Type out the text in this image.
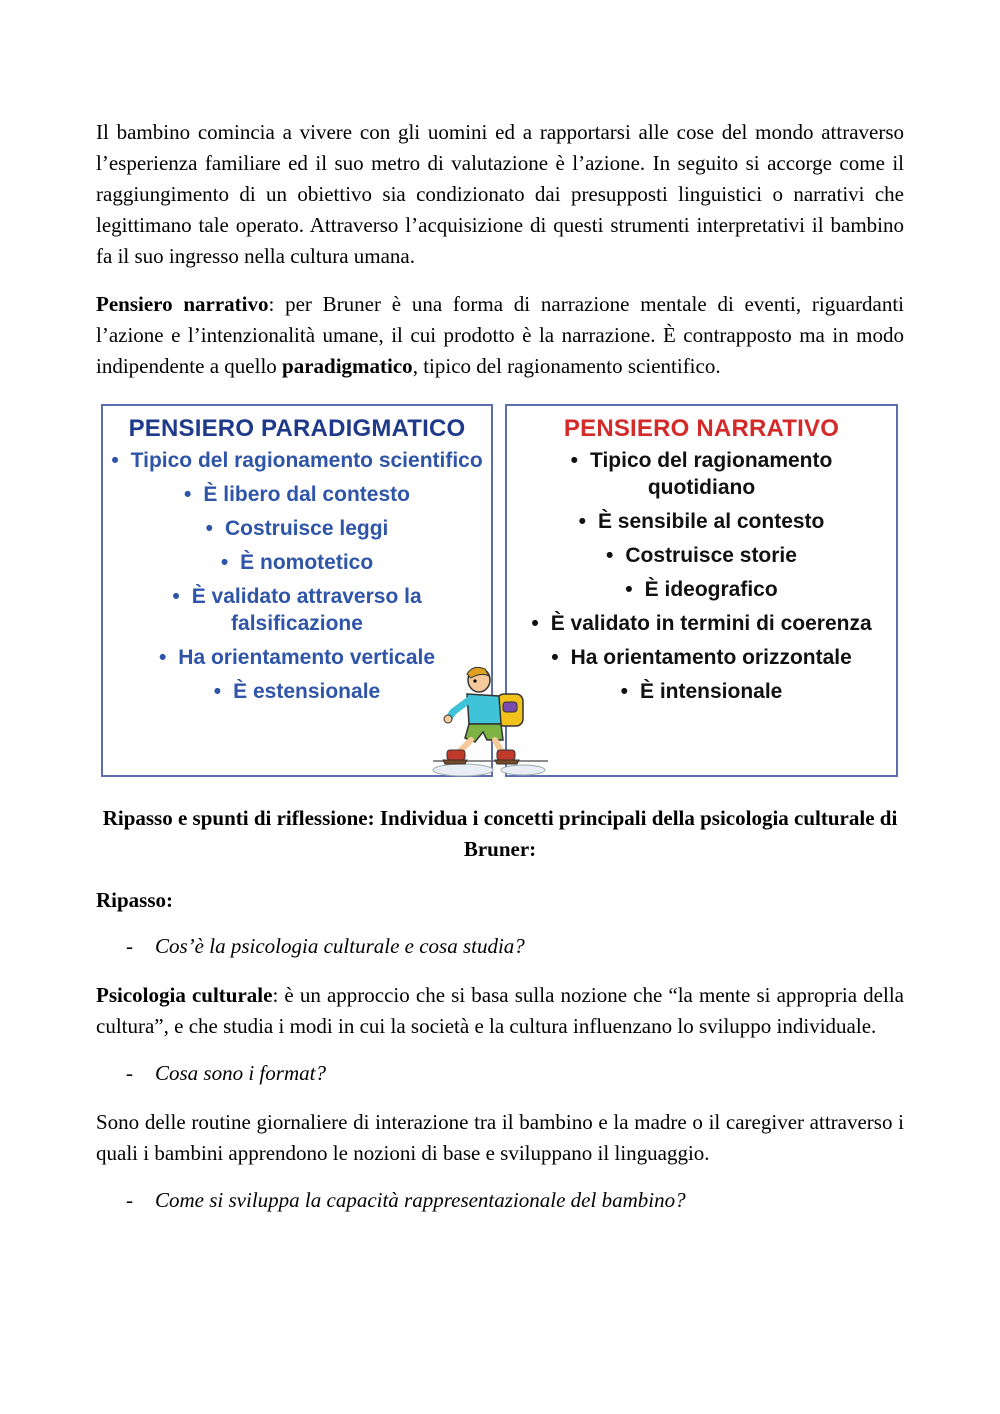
Il bambino comincia a vivere con gli uomini ed a rapportarsi alle cose del mondo attraverso l’esperienza familiare ed il suo metro di valutazione è l’azione. In seguito si accorge come il raggiungimento di un obiettivo sia condizionato dai presupposti linguistici o narrativi che legittimano tale operato. Attraverso l’acquisizione di questi strumenti interpretativi il bambino fa il suo ingresso nella cultura umana.

Pensiero narrativo: per Bruner è una forma di narrazione mentale di eventi, riguardanti l’azione e l’intenzionalità umane, il cui prodotto è la narrazione. È contrapposto ma in modo indipendente a quello paradigmatico, tipico del ragionamento scientifico.

PENSIERO PARADIGMATICO
• Tipico del ragionamento scientifico
• È libero dal contesto
• Costruisce leggi
• È nomotetico
• È validato attraverso la falsificazione
• Ha orientamento verticale
• È estensionale
PENSIERO NARRATIVO
• Tipico del ragionamento quotidiano
• È sensibile al contesto
• Costruisce storie
• È ideografico
• È validato in termini di coerenza
• Ha orientamento orizzontale
• È intensionale
Ripasso e spunti di riflessione: Individua i concetti principali della psicologia culturale di Bruner:
Ripasso:
- Cos’è la psicologia culturale e cosa studia?

Psicologia culturale: è un approccio che si basa sulla nozione che “la mente si appropria della cultura”, e che studia i modi in cui la società e la cultura influenzano lo sviluppo individuale.

- Cosa sono i format?

Sono delle routine giornaliere di interazione tra il bambino e la madre o il caregiver attraverso i quali i bambini apprendono le nozioni di base e sviluppano il linguaggio.

- Come si sviluppa la capacità rappresentazionale del bambino?
